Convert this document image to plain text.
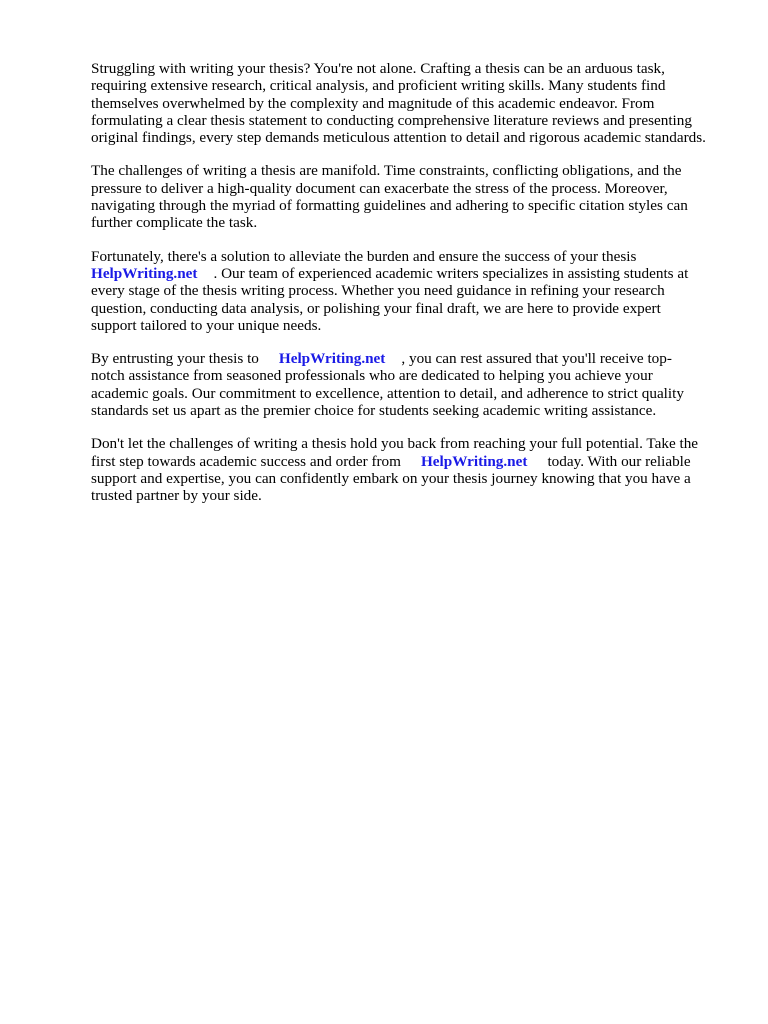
Struggling with writing your thesis? You're not alone. Crafting a thesis can be an arduous task,
requiring extensive research, critical analysis, and proficient writing skills. Many students find
themselves overwhelmed by the complexity and magnitude of this academic endeavor. From
formulating a clear thesis statement to conducting comprehensive literature reviews and presenting
original findings, every step demands meticulous attention to detail and rigorous academic standards.

The challenges of writing a thesis are manifold. Time constraints, conflicting obligations, and the
pressure to deliver a high-quality document can exacerbate the stress of the process. Moreover,
navigating through the myriad of formatting guidelines and adhering to specific citation styles can
further complicate the task.

Fortunately, there's a solution to alleviate the burden and ensure the success of your thesis
HelpWriting.net . Our team of experienced academic writers specializes in assisting students at
every stage of the thesis writing process. Whether you need guidance in refining your research
question, conducting data analysis, or polishing your final draft, we are here to provide expert
support tailored to your unique needs.

By entrusting your thesis to HelpWriting.net , you can rest assured that you'll receive top-
notch assistance from seasoned professionals who are dedicated to helping you achieve your
academic goals. Our commitment to excellence, attention to detail, and adherence to strict quality
standards set us apart as the premier choice for students seeking academic writing assistance.

Don't let the challenges of writing a thesis hold you back from reaching your full potential. Take the
first step towards academic success and order from HelpWriting.net today. With our reliable
support and expertise, you can confidently embark on your thesis journey knowing that you have a
trusted partner by your side.
